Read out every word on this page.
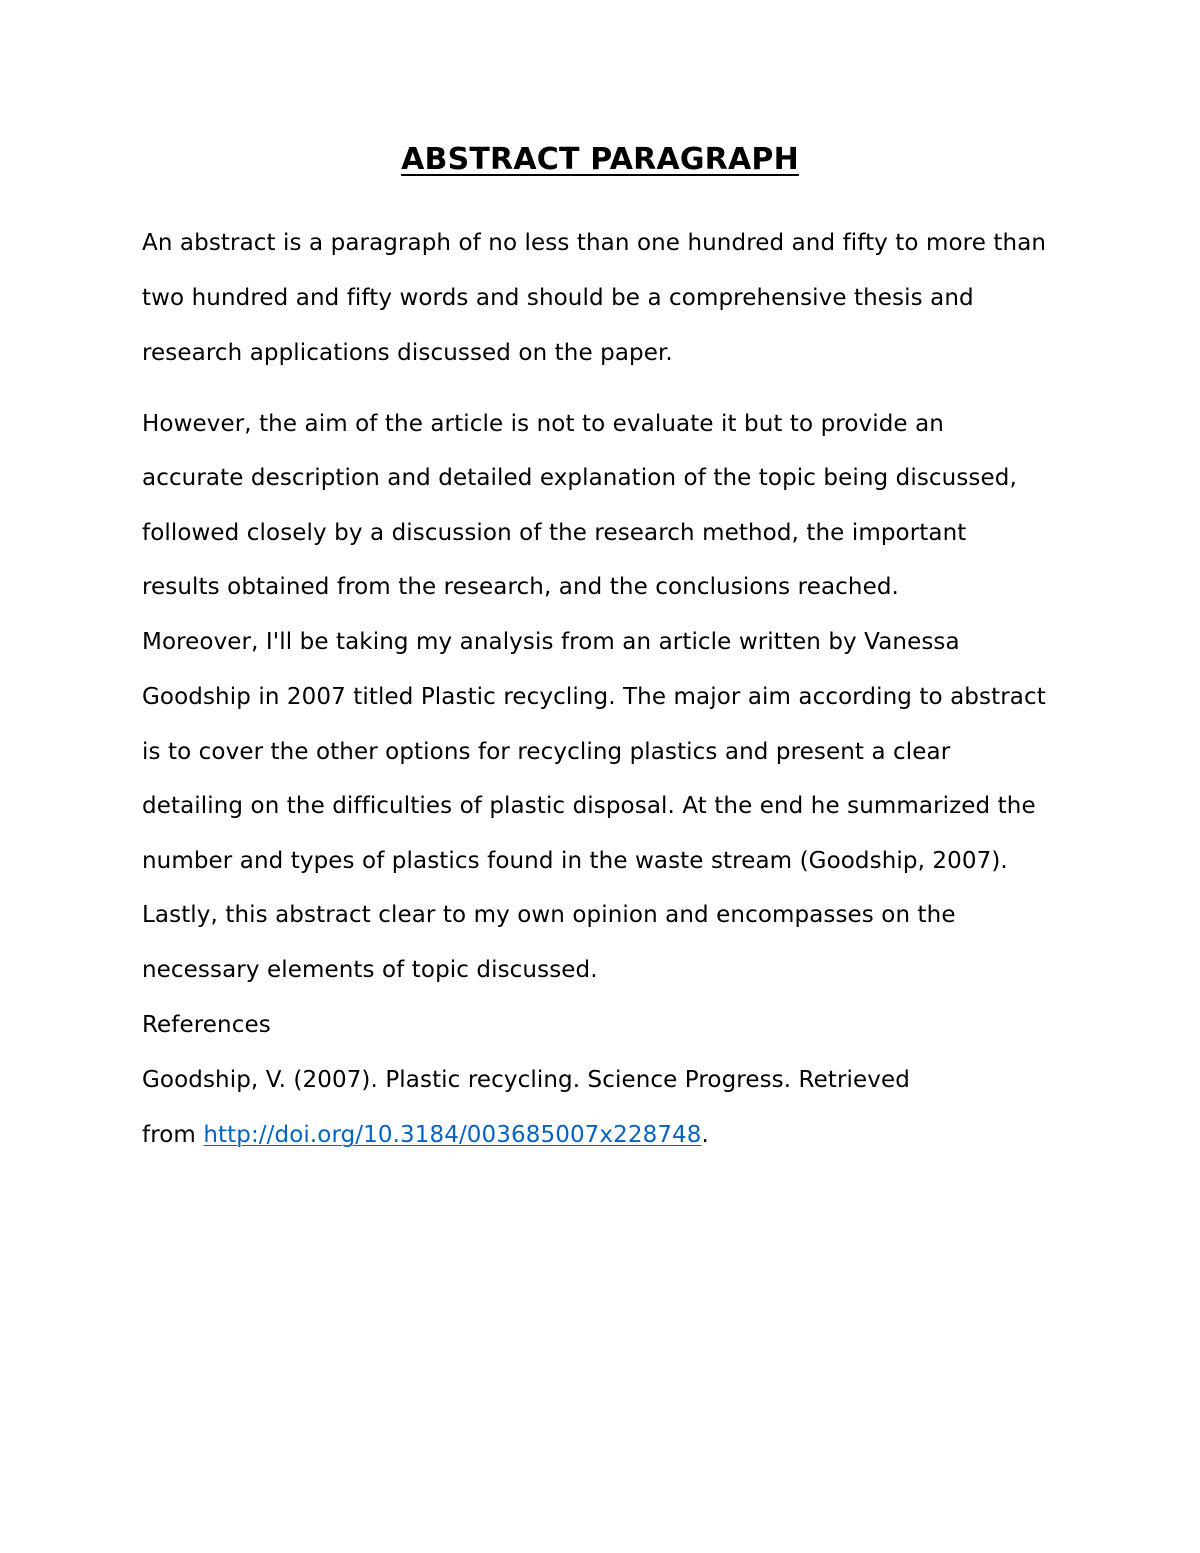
ABSTRACT PARAGRAPH

An abstract is a paragraph of no less than one hundred and fifty to more than

two hundred and fifty words and should be a comprehensive thesis and

research applications discussed on the paper.

However, the aim of the article is not to evaluate it but to provide an

accurate description and detailed explanation of the topic being discussed,

followed closely by a discussion of the research method, the important

results obtained from the research, and the conclusions reached.

Moreover, I'll be taking my analysis from an article written by Vanessa

Goodship in 2007 titled Plastic recycling. The major aim according to abstract

is to cover the other options for recycling plastics and present a clear

detailing on the difficulties of plastic disposal. At the end he summarized the

number and types of plastics found in the waste stream (Goodship, 2007).

Lastly, this abstract clear to my own opinion and encompasses on the

necessary elements of topic discussed.

References

Goodship, V. (2007). Plastic recycling. Science Progress. Retrieved

from http://doi.org/10.3184/003685007x228748.
